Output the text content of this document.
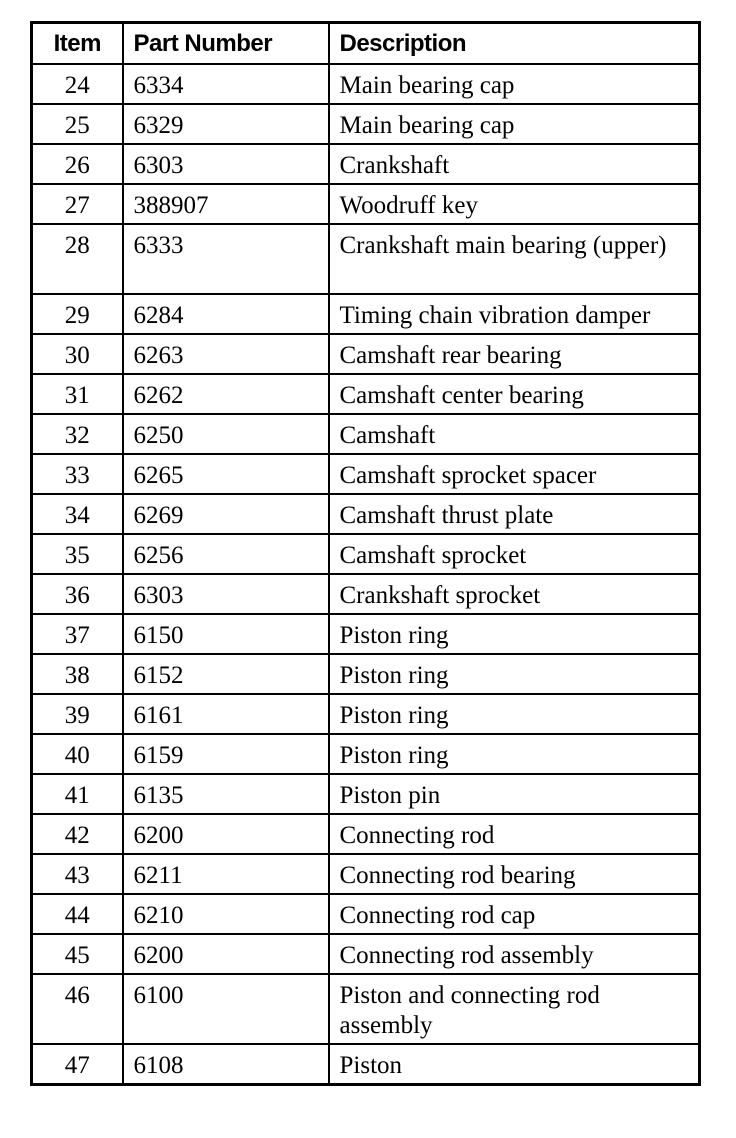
Item	Part Number	Description
24	6334	Main bearing cap
25	6329	Main bearing cap
26	6303	Crankshaft
27	388907	Woodruff key
28	6333	Crankshaft main bearing (upper)
29	6284	Timing chain vibration damper
30	6263	Camshaft rear bearing
31	6262	Camshaft center bearing
32	6250	Camshaft
33	6265	Camshaft sprocket spacer
34	6269	Camshaft thrust plate
35	6256	Camshaft sprocket
36	6303	Crankshaft sprocket
37	6150	Piston ring
38	6152	Piston ring
39	6161	Piston ring
40	6159	Piston ring
41	6135	Piston pin
42	6200	Connecting rod
43	6211	Connecting rod bearing
44	6210	Connecting rod cap
45	6200	Connecting rod assembly
46	6100	Piston and connecting rod assembly
47	6108	Piston
